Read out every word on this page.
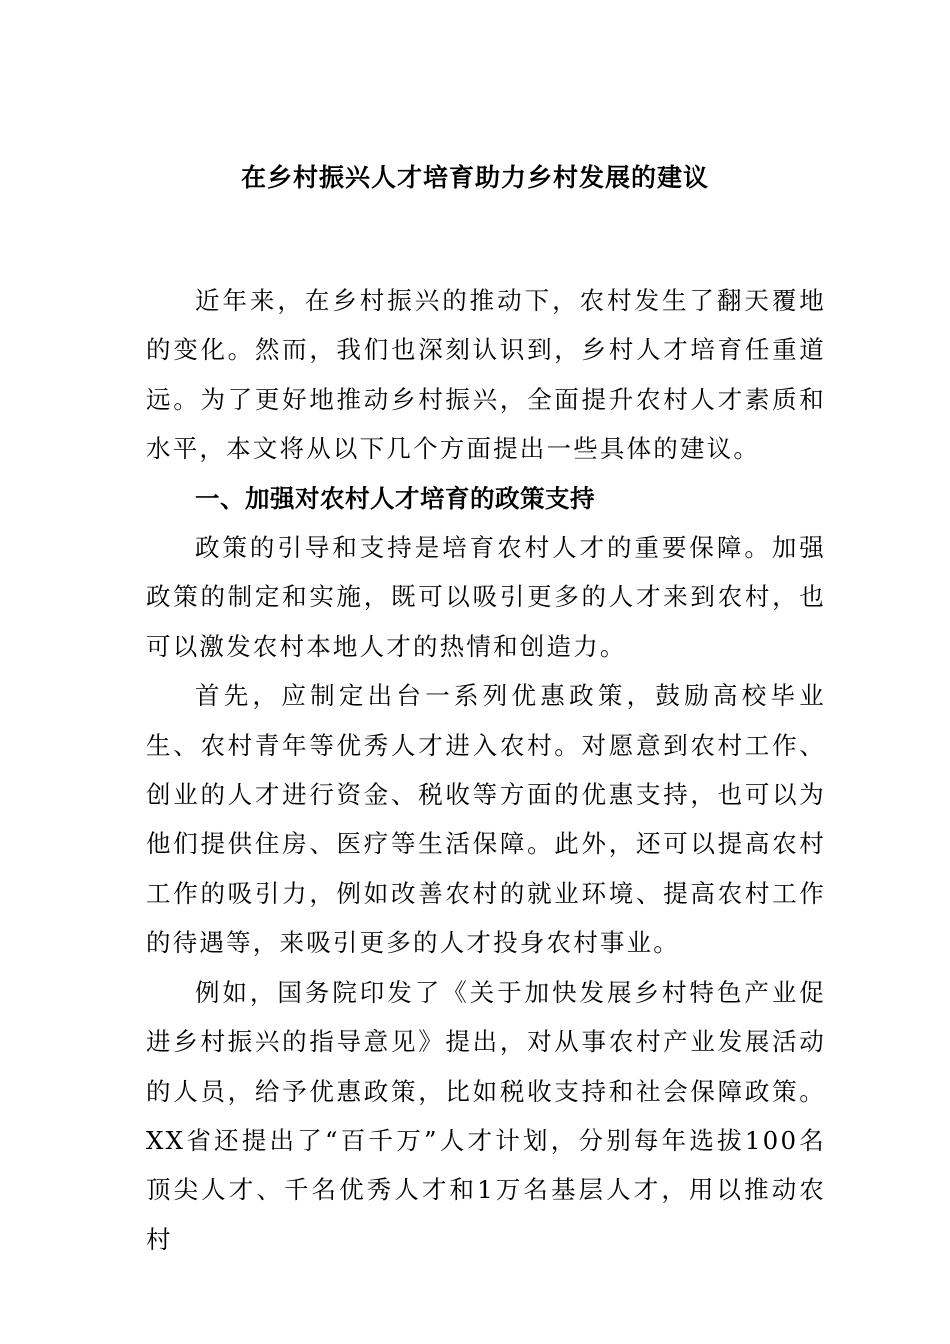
在乡村振兴人才培育助力乡村发展的建议

近年来，在乡村振兴的推动下，农村发生了翻天覆地的变化。然而，我们也深刻认识到，乡村人才培育任重道远。为了更好地推动乡村振兴，全面提升农村人才素质和水平，本文将从以下几个方面提出一些具体的建议。

一、加强对农村人才培育的政策支持

政策的引导和支持是培育农村人才的重要保障。加强政策的制定和实施，既可以吸引更多的人才来到农村，也可以激发农村本地人才的热情和创造力。

首先，应制定出台一系列优惠政策，鼓励高校毕业生、农村青年等优秀人才进入农村。对愿意到农村工作、创业的人才进行资金、税收等方面的优惠支持，也可以为他们提供住房、医疗等生活保障。此外，还可以提高农村工作的吸引力，例如改善农村的就业环境、提高农村工作的待遇等，来吸引更多的人才投身农村事业。

例如，国务院印发了《关于加快发展乡村特色产业促进乡村振兴的指导意见》提出，对从事农村产业发展活动的人员，给予优惠政策，比如税收支持和社会保障政策。XX省还提出了“百千万”人才计划，分别每年选拔100名顶尖人才、千名优秀人才和1万名基层人才，用以推动农村
